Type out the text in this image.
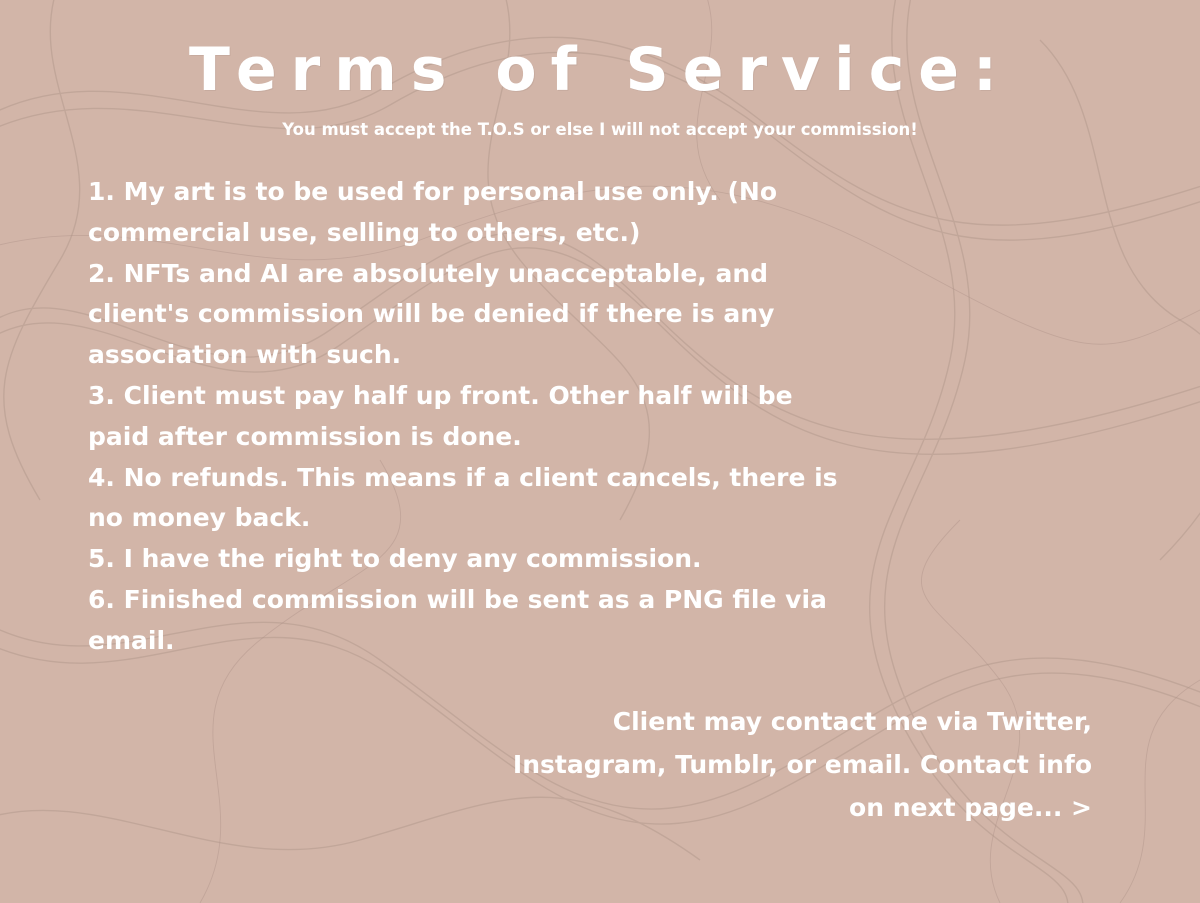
Terms of Service:

You must accept the T.O.S or else I will not accept your commission!

1. My art is to be used for personal use only. (No commercial use, selling to others, etc.)
2. NFTs and AI are absolutely unacceptable, and client's commission will be denied if there is any association with such.
3. Client must pay half up front. Other half will be paid after commission is done.
4. No refunds. This means if a client cancels, there is no money back.
5. I have the right to deny any commission.
6. Finished commission will be sent as a PNG file via email.

Client may contact me via Twitter,
Instagram, Tumblr, or email. Contact info
on next page... >
